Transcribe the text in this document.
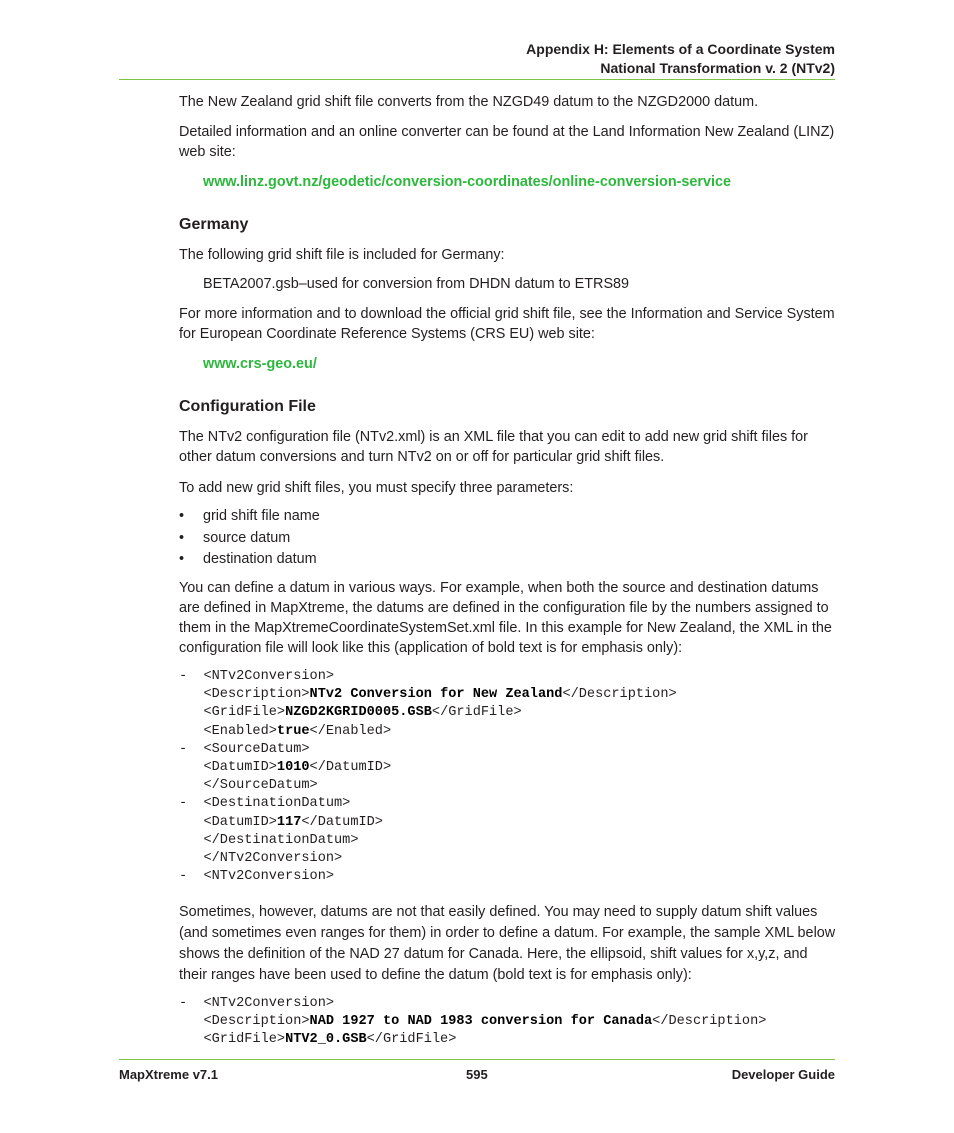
Appendix H: Elements of a Coordinate System
National Transformation v. 2 (NTv2)

The New Zealand grid shift file converts from the NZGD49 datum to the NZGD2000 datum.

Detailed information and an online converter can be found at the Land Information New Zealand (LINZ) web site:

www.linz.govt.nz/geodetic/conversion-coordinates/online-conversion-service
Germany

The following grid shift file is included for Germany:

BETA2007.gsb–used for conversion from DHDN datum to ETRS89

For more information and to download the official grid shift file, see the Information and Service System for European Coordinate Reference Systems (CRS EU) web site:

www.crs-geo.eu/
Configuration File

The NTv2 configuration file (NTv2.xml) is an XML file that you can edit to add new grid shift files for other datum conversions and turn NTv2 on or off for particular grid shift files.

To add new grid shift files, you must specify three parameters:

• grid shift file name
• source datum
• destination datum

You can define a datum in various ways. For example, when both the source and destination datums are defined in MapXtreme, the datums are defined in the configuration file by the numbers assigned to them in the MapXtremeCoordinateSystemSet.xml file. In this example for New Zealand, the XML in the configuration file will look like this (application of bold text is for emphasis only):

-  <NTv2Conversion>
<Description>NTv2 Conversion for New Zealand</Description>
<GridFile>NZGD2KGRID0005.GSB</GridFile>
<Enabled>true</Enabled>
-  <SourceDatum>
<DatumID>1010</DatumID>
</SourceDatum>
-  <DestinationDatum>
<DatumID>117</DatumID>
</DestinationDatum>
</NTv2Conversion>
-  <NTv2Conversion>

Sometimes, however, datums are not that easily defined. You may need to supply datum shift values (and sometimes even ranges for them) in order to define a datum. For example, the sample XML below shows the definition of the NAD 27 datum for Canada. Here, the ellipsoid, shift values for x,y,z, and their ranges have been used to define the datum (bold text is for emphasis only):

-  <NTv2Conversion>
<Description>NAD 1927 to NAD 1983 conversion for Canada</Description>
<GridFile>NTV2_0.GSB</GridFile>
MapXtreme v7.1	595	Developer Guide
